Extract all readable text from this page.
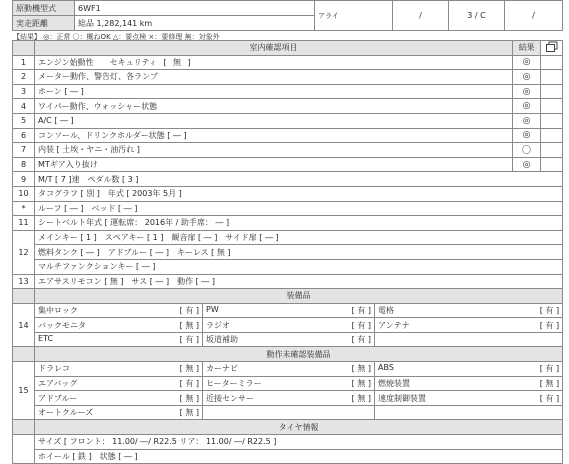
原動機型式	6WF1	アライ	/	3 / C	/
実走距離	総品 1,282,141 km				
【結果】 ◎：正常 〇：概ねOK △：要点検 ×：要修理 無：対象外
	室内確認項目			結果	
1	エンジン始動性　　セキュリティ [ 無 ]			◎	
2	メーター動作、警告灯、各ランプ			◎	
3	ホーン [ ― ]			◎	
4	ワイパー動作、ウォッシャー状態			◎	
5	A/C [ ― ]			◎	
6	コンソール、ドリンクホルダー状態 [ ― ]			◎	
7	内装 [ 土埃・ヤニ・油汚れ ]			〇	
8	MTギア入り抜け			◎	
9	M/T [ 7 ]速　ペダル数 [ 3 ]				
10	タコグラフ [ 別 ]　年式 [ 2003年 5月 ]				
*	ルーフ [ ― ]　ベッド [ ― ]				
11	シートベルト年式 [ 運転席： 2016年 / 助手席： ― ]				
12	メインキー [ 1 ]　スペアキー [ 1 ]　観音扉 [ ― ]　サイド扉 [ ― ]				
	燃料タンク [ ― ]　アドブルー [ ― ]　キーレス [ 無 ]				
	マルチファンクションキー [ ― ]				
13	エアサスリモコン [ 無 ]　サス [ ― ]　動作 [ ― ]				
	装備品				
14	集中ロック [ 有 ]	PW [ 有 ]	電格 [ 有 ]		

	バックモニタ [ 無 ]	ラジオ [ 有 ]	アンテナ [ 有 ]		

	ETC [ 有 ]	坂道補助 [ 有 ]			

	動作未確認装備品				
15	ドラレコ [ 無 ]	カーナビ [ 無 ]	ABS [ 有 ]		

	エアバッグ [ 有 ]	ヒーターミラー [ 無 ]	燃焼装置 [ 無 ]		

	アドブルー [ 無 ]	近接センサー [ 無 ]	速度制御装置 [ 有 ]		

	オートクルーズ [ 無 ]				

	タイヤ情報				
	サイズ [ フロント： 11.00/ ―/ R22.5 リア： 11.00/ ―/ R22.5 ]				
	ホイール [ 鉄 ]　状態 [ ― ]				
